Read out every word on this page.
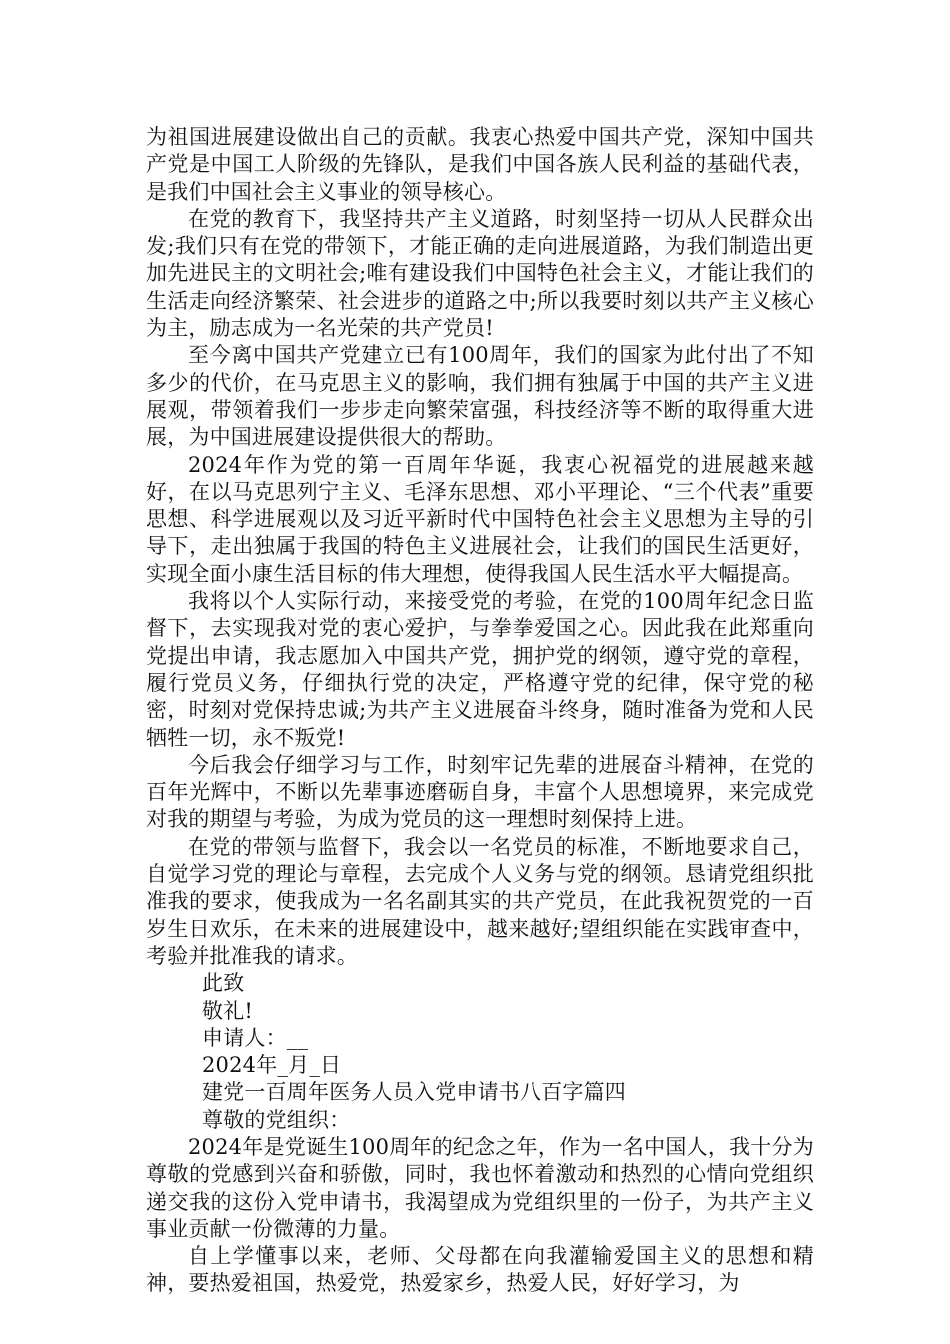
为祖国进展建设做出自己的贡献。我衷心热爱中国共产党，深知中国共产党是中国工人阶级的先锋队，是我们中国各族人民利益的基础代表，是我们中国社会主义事业的领导核心。

在党的教育下，我坚持共产主义道路，时刻坚持一切从人民群众出发;我们只有在党的带领下，才能正确的走向进展道路，为我们制造出更加先进民主的文明社会;唯有建设我们中国特色社会主义，才能让我们的生活走向经济繁荣、社会进步的道路之中;所以我要时刻以共产主义核心为主，励志成为一名光荣的共产党员!

至今离中国共产党建立已有100周年，我们的国家为此付出了不知多少的代价，在马克思主义的影响，我们拥有独属于中国的共产主义进展观，带领着我们一步步走向繁荣富强，科技经济等不断的取得重大进展，为中国进展建设提供很大的帮助。

2024年作为党的第一百周年华诞，我衷心祝福党的进展越来越好，在以马克思列宁主义、毛泽东思想、邓小平理论、“三个代表”重要思想、科学进展观以及习近平新时代中国特色社会主义思想为主导的引导下，走出独属于我国的特色主义进展社会，让我们的国民生活更好，实现全面小康生活目标的伟大理想，使得我国人民生活水平大幅提高。

我将以个人实际行动，来接受党的考验，在党的100周年纪念日监督下，去实现我对党的衷心爱护，与拳拳爱国之心。因此我在此郑重向党提出申请，我志愿加入中国共产党，拥护党的纲领，遵守党的章程，履行党员义务，仔细执行党的决定，严格遵守党的纪律，保守党的秘密，时刻对党保持忠诚;为共产主义进展奋斗终身，随时准备为党和人民牺牲一切，永不叛党!

今后我会仔细学习与工作，时刻牢记先辈的进展奋斗精神，在党的百年光辉中，不断以先辈事迹磨砺自身，丰富个人思想境界，来完成党对我的期望与考验，为成为党员的这一理想时刻保持上进。

在党的带领与监督下，我会以一名党员的标准，不断地要求自己，自觉学习党的理论与章程，去完成个人义务与党的纲领。恳请党组织批准我的要求，使我成为一名名副其实的共产党员，在此我祝贺党的一百岁生日欢乐，在未来的进展建设中，越来越好;望组织能在实践审查中，考验并批准我的请求。

此致

敬礼!

申请人：__

2024年_月_日

建党一百周年医务人员入党申请书八百字篇四

尊敬的党组织：

2024年是党诞生100周年的纪念之年，作为一名中国人，我十分为尊敬的党感到兴奋和骄傲，同时，我也怀着激动和热烈的心情向党组织递交我的这份入党申请书，我渴望成为党组织里的一份子，为共产主义事业贡献一份微薄的力量。

自上学懂事以来，老师、父母都在向我灌输爱国主义的思想和精神，要热爱祖国，热爱党，热爱家乡，热爱人民，好好学习，为
